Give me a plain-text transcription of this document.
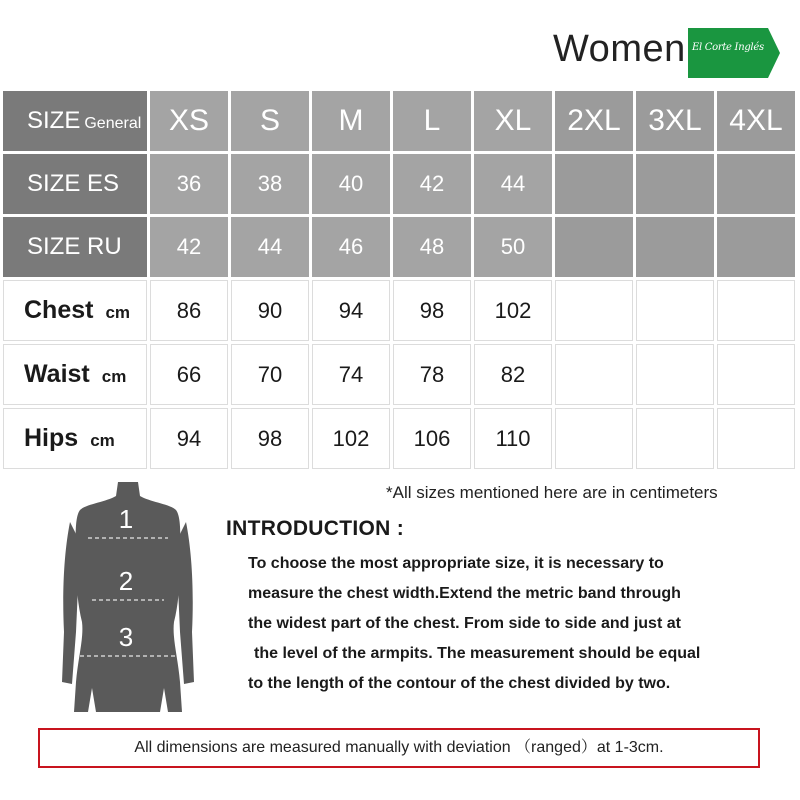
Women El Corte Inglés
SIZE General	XS	S	M	L	XL	2XL	3XL	4XL
SIZE ES	36	38	40	42	44			
SIZE RU	42	44	46	48	50			
Chest cm	86	90	94	98	102			
Waist cm	66	70	74	78	82			
Hips cm	94	98	102	106	110			
*All sizes mentioned here are in centimeters
1
2
3
INTRODUCTION :

To choose the most appropriate size, it is necessary to
measure the chest width.Extend the metric band through
the widest part of the chest. From side to side and just at
the level of the armpits. The measurement should be equal
to the length of the contour of the chest divided by two.

All dimensions are measured manually with deviation （ranged）at 1-3cm.
